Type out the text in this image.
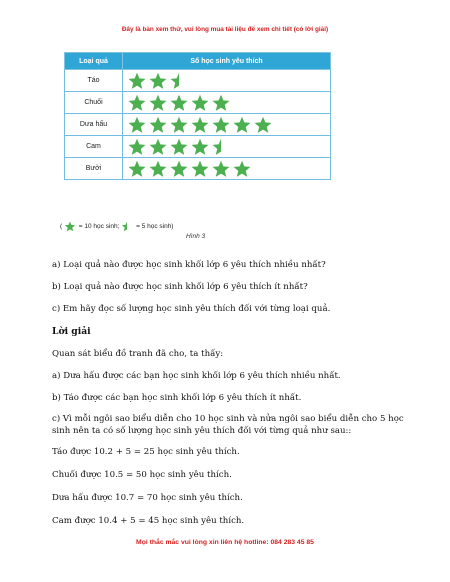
Đây là bản xem thử, vui lòng mua tài liệu để xem chi tiết (có lời giải)
Loại quả	Số học sinh yêu thích
Táo	
Chuối	
Dưa hấu	
Cam	
Bưởi	
(	= 10 học sinh;	= 5 học sinh)
Hình 3
a) Loại quả nào được học sinh khối lớp 6 yêu thích nhiều nhất?
b) Loại quả nào được học sinh khối lớp 6 yêu thích ít nhất?
c) Em hãy đọc số lượng học sinh yêu thích đối với từng loại quả.
Lời giải
Quan sát biểu đồ tranh đã cho, ta thấy:
a) Dưa hấu được các bạn học sinh khối lớp 6 yêu thích nhiều nhất.
b) Táo được các bạn học sinh khối lớp 6 yêu thích ít nhất.
c) Vì mỗi ngôi sao biểu diễn cho 10 học sinh và nửa ngôi sao biểu diễn cho 5 học sinh nên ta có số lượng học sinh yêu thích đối với từng quả như sau::
Táo được 10.2 + 5 = 25 học sinh yêu thích.
Chuối được 10.5 = 50 học sinh yêu thích.
Dưa hấu được 10.7 = 70 học sinh yêu thích.
Cam được 10.4 + 5 = 45 học sinh yêu thích.
Mọi thắc mắc vui lòng xin liên hệ hotline: 084 283 45 85
